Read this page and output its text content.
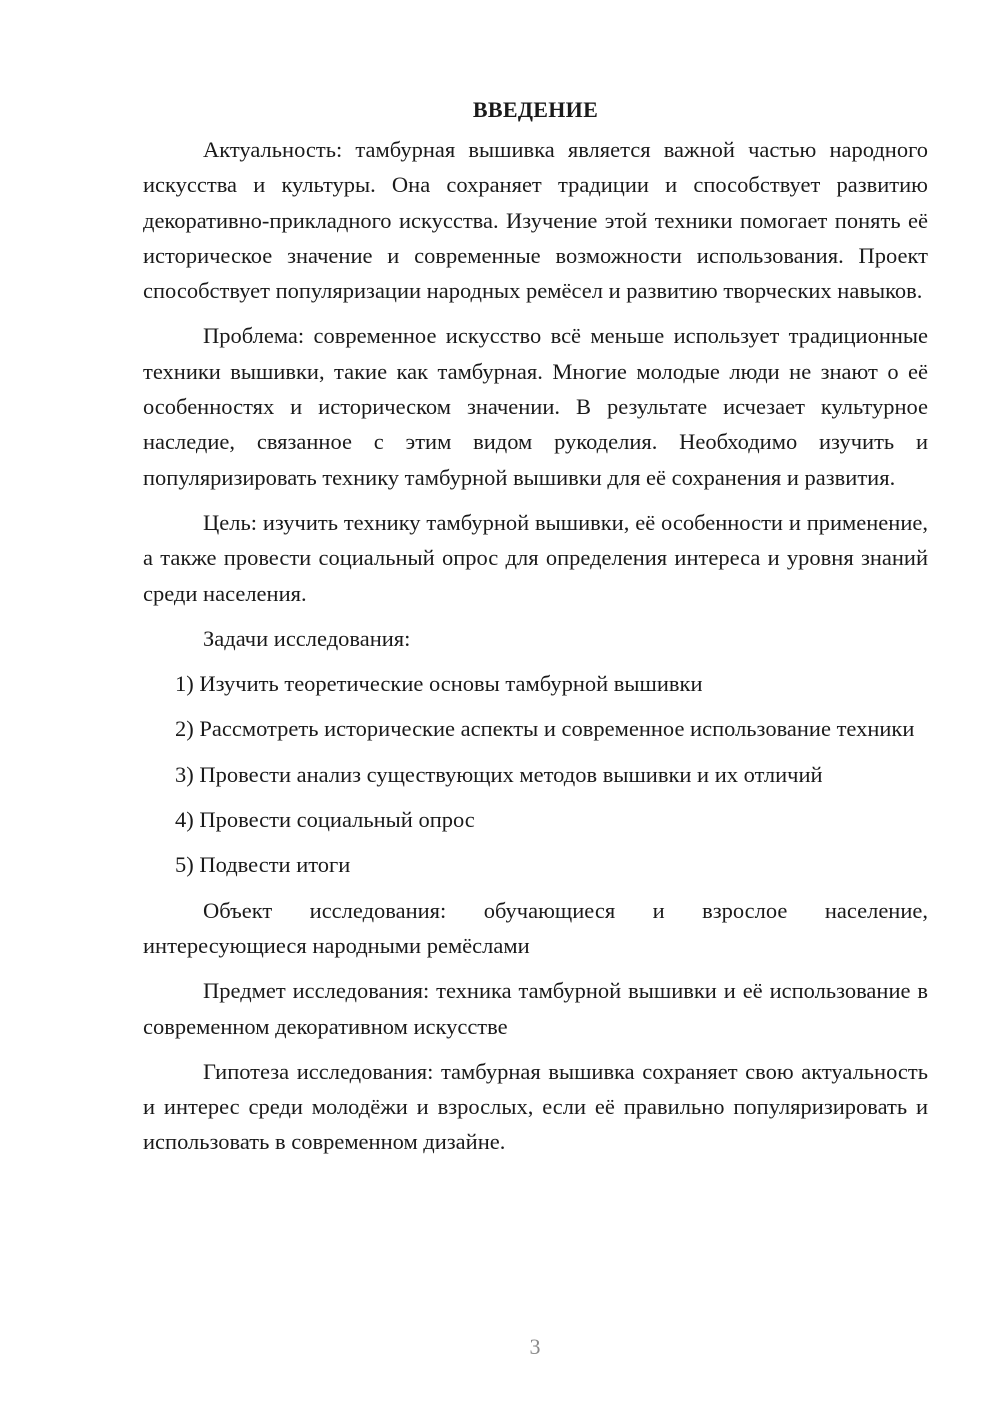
ВВЕДЕНИЕ

Актуальность: тамбурная вышивка является важной частью народного искусства и культуры. Она сохраняет традиции и способствует развитию декоративно-прикладного искусства. Изучение этой техники помогает понять её историческое значение и современные возможности использования. Проект способствует популяризации народных ремёсел и развитию творческих навыков.

Проблема: современное искусство всё меньше использует традиционные техники вышивки, такие как тамбурная. Многие молодые люди не знают о её особенностях и историческом значении. В результате исчезает культурное наследие, связанное с этим видом рукоделия. Необходимо изучить и популяризировать технику тамбурной вышивки для её сохранения и развития.

Цель: изучить технику тамбурной вышивки, её особенности и применение, а также провести социальный опрос для определения интереса и уровня знаний среди населения.

Задачи исследования:

1) Изучить теоретические основы тамбурной вышивки

2) Рассмотреть исторические аспекты и современное использование техники

3) Провести анализ существующих методов вышивки и их отличий

4) Провести социальный опрос

5) Подвести итоги

Объект исследования: обучающиеся и взрослое население, интересующиеся народными ремёслами

Предмет исследования: техника тамбурной вышивки и её использование в современном декоративном искусстве

Гипотеза исследования: тамбурная вышивка сохраняет свою актуальность и интерес среди молодёжи и взрослых, если её правильно популяризировать и использовать в современном дизайне.

3
